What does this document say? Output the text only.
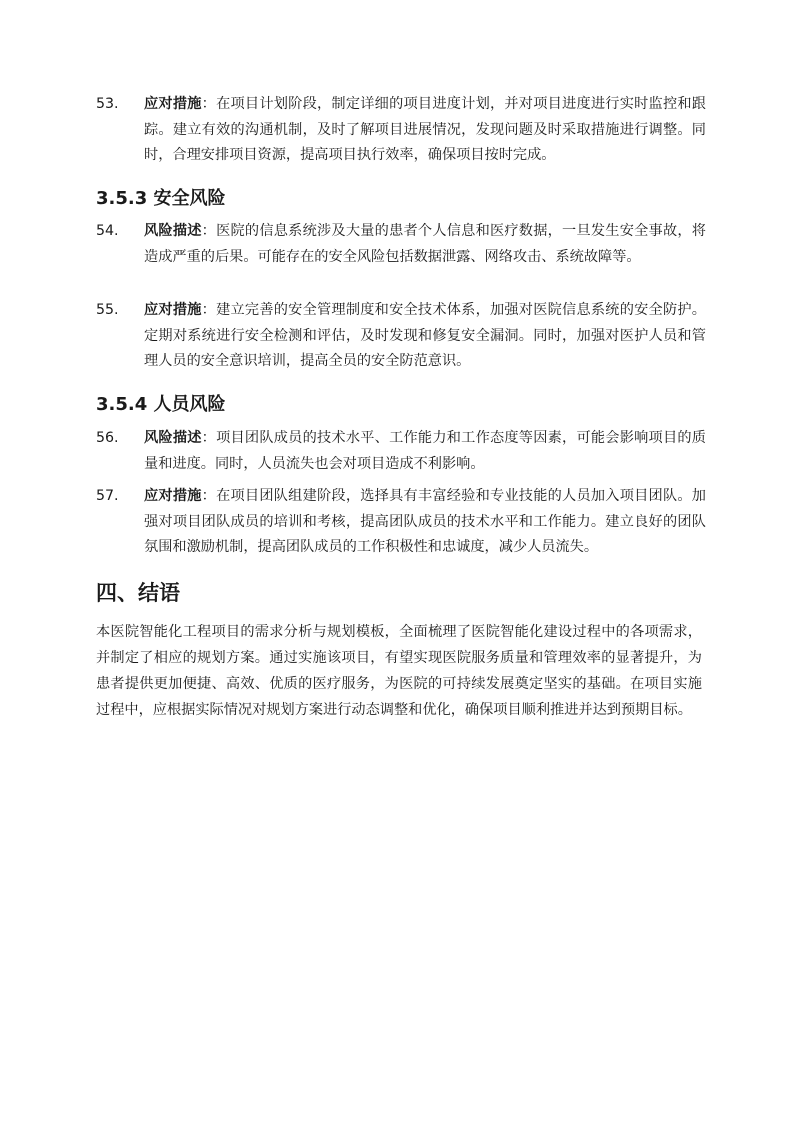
53.	应对措施：在项目计划阶段，制定详细的项目进度计划，并对项目进度进行实时监控和跟踪。建立有效的沟通机制，及时了解项目进展情况，发现问题及时采取措施进行调整。同时，合理安排项目资源，提高项目执行效率，确保项目按时完成。
3.5.3 安全风险
54.	风险描述：医院的信息系统涉及大量的患者个人信息和医疗数据，一旦发生安全事故，将造成严重的后果。可能存在的安全风险包括数据泄露、网络攻击、系统故障等。
55.	应对措施：建立完善的安全管理制度和安全技术体系，加强对医院信息系统的安全防护。定期对系统进行安全检测和评估，及时发现和修复安全漏洞。同时，加强对医护人员和管理人员的安全意识培训，提高全员的安全防范意识。
3.5.4 人员风险
56.	风险描述：项目团队成员的技术水平、工作能力和工作态度等因素，可能会影响项目的质量和进度。同时，人员流失也会对项目造成不利影响。
57.	应对措施：在项目团队组建阶段，选择具有丰富经验和专业技能的人员加入项目团队。加强对项目团队成员的培训和考核，提高团队成员的技术水平和工作能力。建立良好的团队氛围和激励机制，提高团队成员的工作积极性和忠诚度，减少人员流失。
四、结语

本医院智能化工程项目的需求分析与规划模板，全面梳理了医院智能化建设过程中的各项需求，并制定了相应的规划方案。通过实施该项目，有望实现医院服务质量和管理效率的显著提升，为患者提供更加便捷、高效、优质的医疗服务，为医院的可持续发展奠定坚实的基础。在项目实施过程中，应根据实际情况对规划方案进行动态调整和优化，确保项目顺利推进并达到预期目标。
